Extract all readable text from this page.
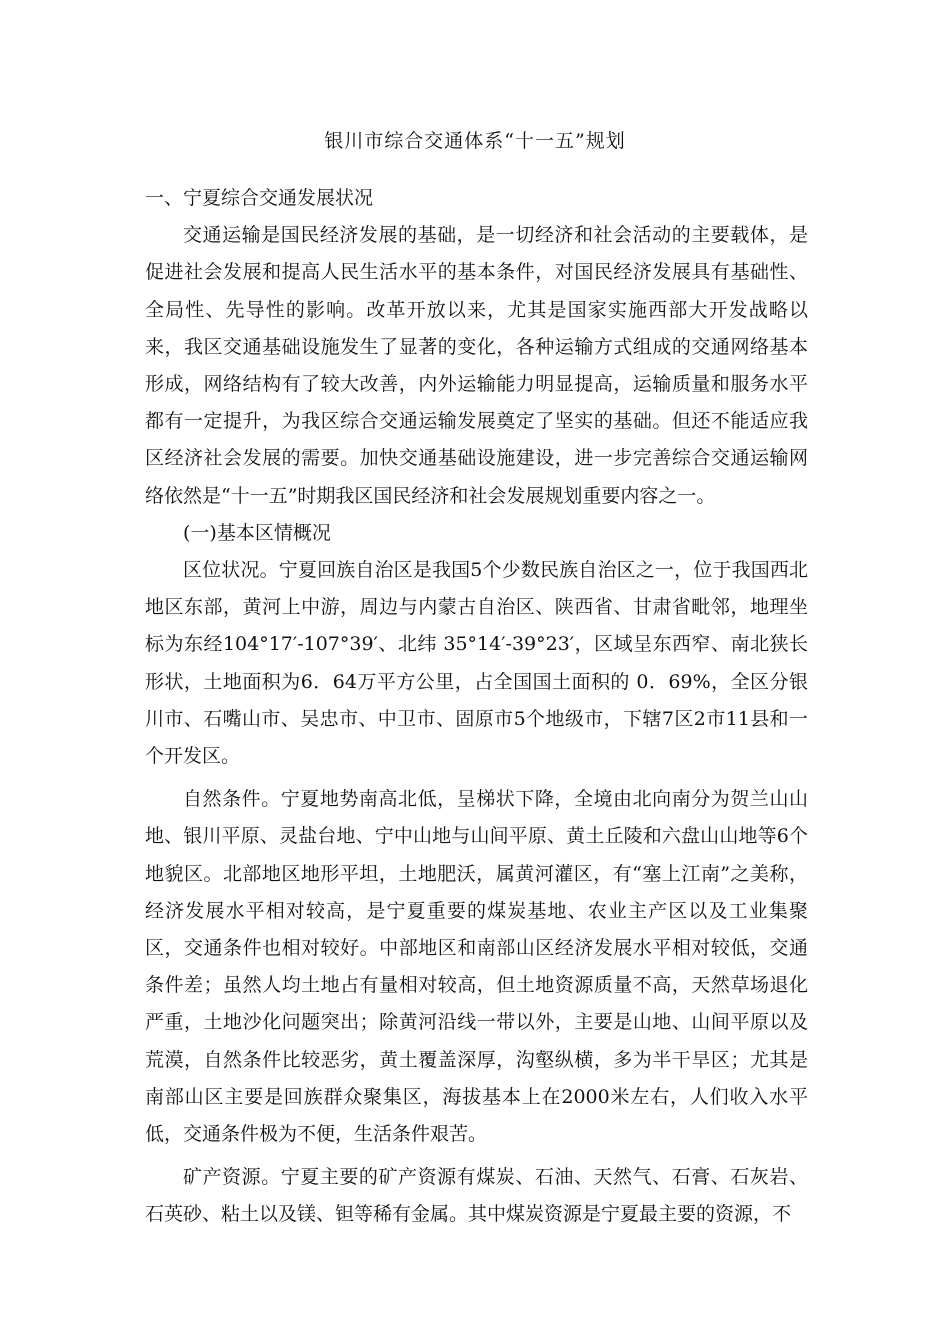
银川市综合交通体系“十一五”规划

一、宁夏综合交通发展状况

交通运输是国民经济发展的基础，是一切经济和社会活动的主要载体，是促进社会发展和提高人民生活水平的基本条件，对国民经济发展具有基础性、全局性、先导性的影响。改革开放以来，尤其是国家实施西部大开发战略以来，我区交通基础设施发生了显著的变化，各种运输方式组成的交通网络基本形成，网络结构有了较大改善，内外运输能力明显提高，运输质量和服务水平都有一定提升，为我区综合交通运输发展奠定了坚实的基础。但还不能适应我区经济社会发展的需要。加快交通基础设施建设，进一步完善综合交通运输网络依然是“十一五”时期我区国民经济和社会发展规划重要内容之一。

(一)基本区情概况

区位状况。宁夏回族自治区是我国5个少数民族自治区之一，位于我国西北地区东部，黄河上中游，周边与内蒙古自治区、陕西省、甘肃省毗邻，地理坐标为东经104°17′-107°39′、北纬 35°14′-39°23′，区域呈东西窄、南北狭长形状，土地面积为6．64万平方公里，占全国国土面积的 0．69%，全区分银川市、石嘴山市、吴忠市、中卫市、固原市5个地级市，下辖7区2市11县和一个开发区。

自然条件。宁夏地势南高北低，呈梯状下降，全境由北向南分为贺兰山山地、银川平原、灵盐台地、宁中山地与山间平原、黄土丘陵和六盘山山地等6个地貌区。北部地区地形平坦，土地肥沃，属黄河灌区，有“塞上江南”之美称，经济发展水平相对较高，是宁夏重要的煤炭基地、农业主产区以及工业集聚区，交通条件也相对较好。中部地区和南部山区经济发展水平相对较低，交通条件差；虽然人均土地占有量相对较高，但土地资源质量不高，天然草场退化严重，土地沙化问题突出；除黄河沿线一带以外，主要是山地、山间平原以及荒漠，自然条件比较恶劣，黄土覆盖深厚，沟壑纵横，多为半干旱区；尤其是南部山区主要是回族群众聚集区，海拔基本上在2000米左右，人们收入水平低，交通条件极为不便，生活条件艰苦。

矿产资源。宁夏主要的矿产资源有煤炭、石油、天然气、石膏、石灰岩、石英砂、粘土以及镁、钽等稀有金属。其中煤炭资源是宁夏最主要的资源，不
